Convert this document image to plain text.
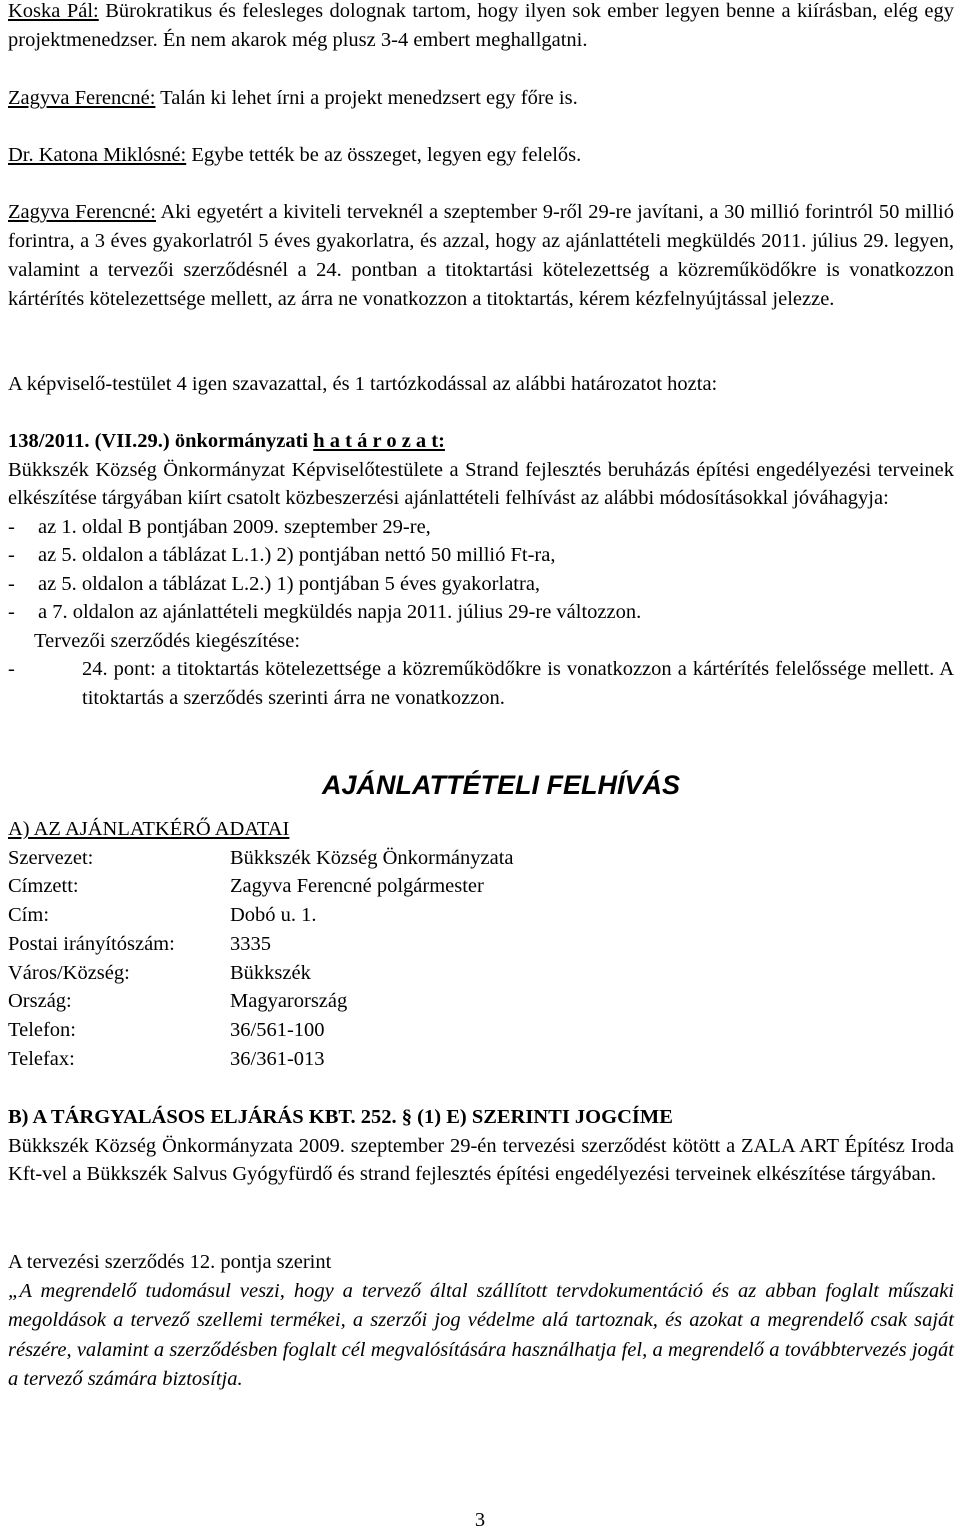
Koska Pál: Bürokratikus és felesleges dolognak tartom, hogy ilyen sok ember legyen benne a kiírásban, elég egy projektmenedzser. Én nem akarok még plusz 3-4 embert meghallgatni.

Zagyva Ferencné: Talán ki lehet írni a projekt menedzsert egy főre is.

Dr. Katona Miklósné: Egybe tették be az összeget, legyen egy felelős.

Zagyva Ferencné: Aki egyetért a kiviteli terveknél a szeptember 9-ről 29-re javítani, a 30 millió forintról 50 millió forintra, a 3 éves gyakorlatról 5 éves gyakorlatra, és azzal, hogy az ajánlattételi megküldés 2011. július 29. legyen, valamint a tervezői szerződésnél a 24. pontban a titoktartási kötelezettség a közreműködőkre is vonatkozzon kártérítés kötelezettsége mellett, az árra ne vonatkozzon a titoktartás, kérem kézfelnyújtással jelezze.

A képviselő-testület 4 igen szavazattal, és 1 tartózkodással az alábbi határozatot hozta:

138/2011. (VII.29.) önkormányzati h a t á r o z a t:

Bükkszék Község Önkormányzat Képviselőtestülete a Strand fejlesztés beruházás építési engedélyezési terveinek elkészítése tárgyában kiírt csatolt közbeszerzési ajánlattételi felhívást az alábbi módosításokkal jóváhagyja:

-	az 1. oldal B pontjában 2009. szeptember 29-re,
-	az 5. oldalon a táblázat L.1.) 2) pontjában nettó 50 millió Ft-ra,
-	az 5. oldalon a táblázat L.2.) 1) pontjában 5 éves gyakorlatra,
-	a 7. oldalon az ajánlattételi megküldés napja 2011. július 29-re változzon.

Tervezői szerződés kiegészítése:

-	24. pont: a titoktartás kötelezettsége a közreműködőkre is vonatkozzon a kártérítés felelőssége mellett. A titoktartás a szerződés szerinti árra ne vonatkozzon.
AJÁNLATTÉTELI FELHÍVÁS

A) AZ AJÁNLATKÉRŐ ADATAI

Szervezet:	Bükkszék Község Önkormányzata
Címzett:	Zagyva Ferencné polgármester
Cím:	Dobó u. 1.
Postai irányítószám:	3335
Város/Község:	Bükkszék
Ország:	Magyarország
Telefon:	36/561-100
Telefax:	36/361-013

B) A TÁRGYALÁSOS ELJÁRÁS KBT. 252. § (1) E) SZERINTI JOGCÍME

Bükkszék Község Önkormányzata 2009. szeptember 29-én tervezési szerződést kötött a ZALA ART Építész Iroda Kft-vel a Bükkszék Salvus Gyógyfürdő és strand fejlesztés építési engedélyezési terveinek elkészítése tárgyában.

A tervezési szerződés 12. pontja szerint

„A megrendelő tudomásul veszi, hogy a tervező által szállított tervdokumentáció és az abban foglalt műszaki megoldások a tervező szellemi termékei, a szerzői jog védelme alá tartoznak, és azokat a megrendelő csak saját részére, valamint a szerződésben foglalt cél megvalósítására használhatja fel, a megrendelő a továbbtervezés jogát a tervező számára biztosítja.

3
